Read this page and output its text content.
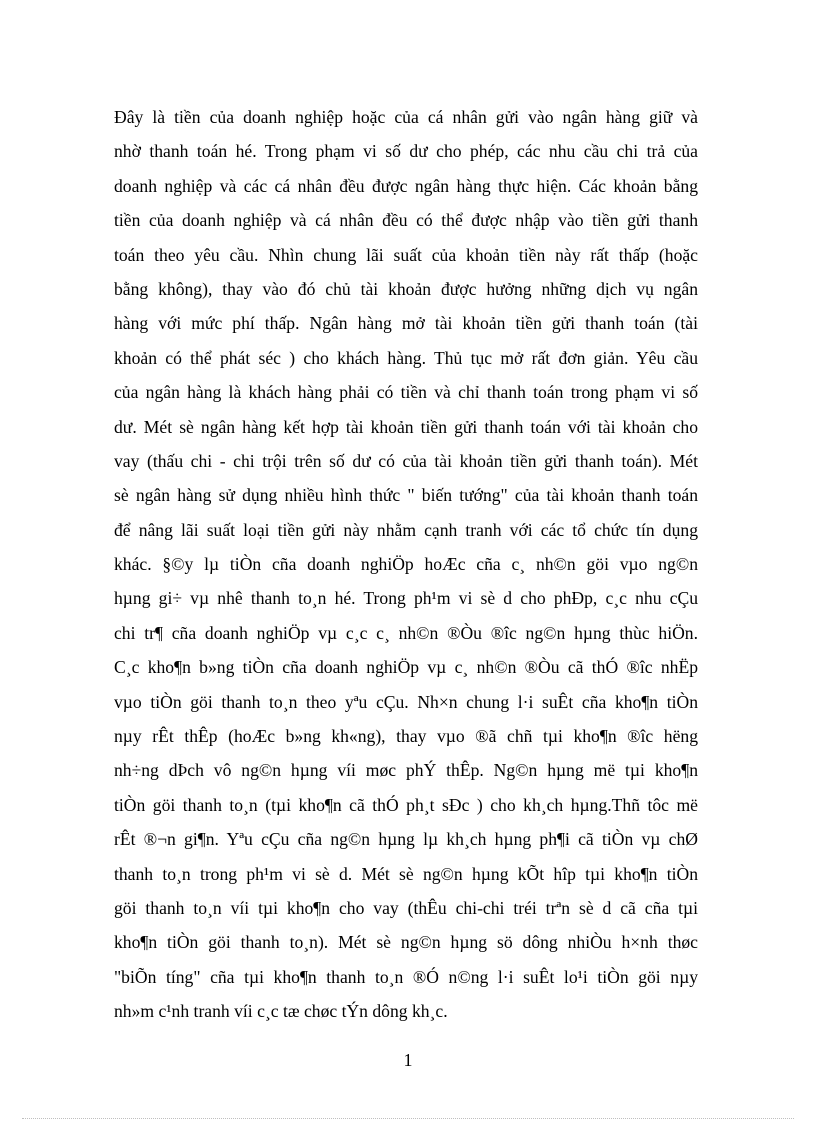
Đây là tiền của doanh nghiệp hoặc của cá nhân gửi vào ngân hàng giữ và
nhờ thanh toán hé. Trong phạm vi số dư cho phép, các nhu cầu chi trả của
doanh nghiệp và các cá nhân đều được ngân hàng thực hiện. Các khoản bằng
tiền của doanh nghiệp và cá nhân đều có thể được nhập vào tiền gửi thanh
toán theo yêu cầu. Nhìn chung lãi suất của khoản tiền này rất thấp (hoặc
bằng không), thay vào đó chủ tài khoản được hưởng những dịch vụ ngân
hàng với mức phí thấp. Ngân hàng mở tài khoản tiền gửi thanh toán (tài
khoản có thể phát séc ) cho khách hàng. Thủ tục mở rất đơn giản. Yêu cầu
của ngân hàng là khách hàng phải có tiền và chỉ thanh toán trong phạm vi số
dư. Mét sè ngân hàng kết hợp tài khoản tiền gửi thanh toán với tài khoản cho
vay (thấu chi - chi trội trên số dư có của tài khoản tiền gửi thanh toán). Mét
sè ngân hàng sử dụng nhiều hình thức " biến tướng" của tài khoản thanh toán
để nâng lãi suất loại tiền gửi này nhằm cạnh tranh với các tổ chức tín dụng
khác. §©y lµ tiÒn cña doanh nghiÖp hoÆc cña c¸ nh©n göi vµo ng©n
hµng gi÷ vµ nhê thanh to¸n hé. Trong ph¹m vi sè d cho phÐp, c¸c nhu cÇu
chi tr¶ cña doanh nghiÖp vµ c¸c c¸ nh©n ®Òu ®îc ng©n hµng thùc hiÖn.
C¸c kho¶n b»ng tiÒn cña doanh nghiÖp vµ c¸ nh©n ®Òu cã thÓ ®îc nhËp
vµo tiÒn göi thanh to¸n theo yªu cÇu. Nh×n chung l·i suÊt cña kho¶n tiÒn
nµy rÊt thÊp (hoÆc b»ng kh«ng), thay vµo ®ã chñ tµi kho¶n ®îc hëng
nh÷ng dÞch vô ng©n hµng víi møc phÝ thÊp. Ng©n hµng më tµi kho¶n
tiÒn göi thanh to¸n (tµi kho¶n cã thÓ ph¸t sÐc ) cho kh¸ch hµng.Thñ tôc më
rÊt ®¬n gi¶n. Yªu cÇu cña ng©n hµng lµ kh¸ch hµng ph¶i cã tiÒn vµ chØ
thanh to¸n trong ph¹m vi sè d. Mét sè ng©n hµng kÕt hîp tµi kho¶n tiÒn
göi thanh to¸n víi tµi kho¶n cho vay (thÊu chi-chi tréi trªn sè d cã cña tµi
kho¶n tiÒn göi thanh to¸n). Mét sè ng©n hµng sö dông nhiÒu h×nh thøc
"biÕn tíng" cña tµi kho¶n thanh to¸n ®Ó n©ng l·i suÊt lo¹i tiÒn göi nµy
nh»m c¹nh tranh víi c¸c tæ chøc tÝn dông kh¸c.
1
